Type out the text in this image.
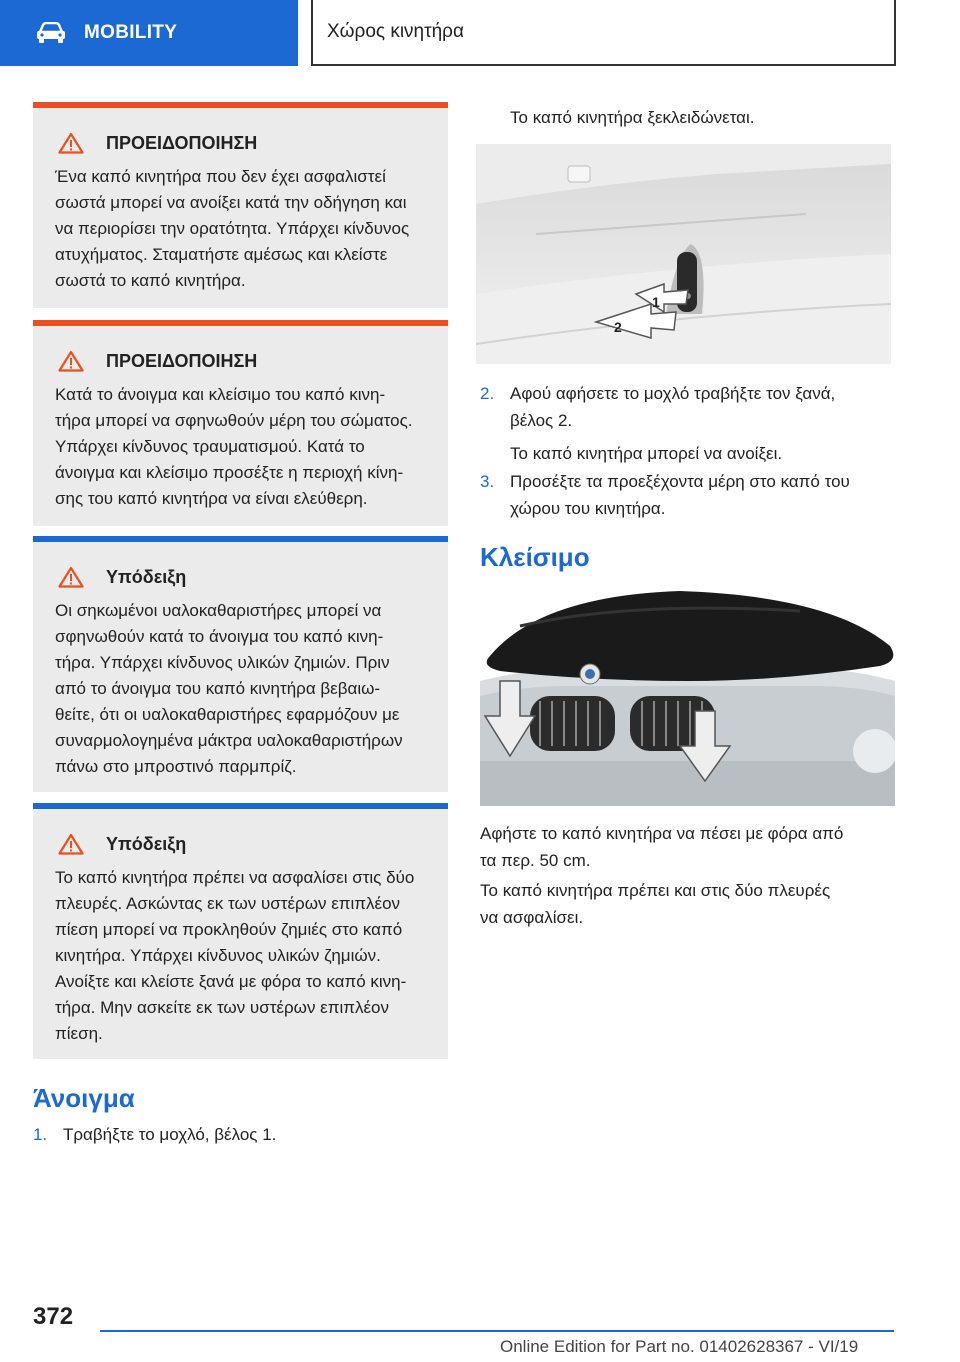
MOBILITY	Χώρος κινητήρα
ΠΡΟΕΙΔΟΠΟΙΗΣΗ
Ένα καπό κινητήρα που δεν έχει ασφαλιστεί
σωστά μπορεί να ανοίξει κατά την οδήγηση και
να περιορίσει την ορατότητα. Υπάρχει κίνδυνος
ατυχήματος. Σταματήστε αμέσως και κλείστε
σωστά το καπό κινητήρα.
ΠΡΟΕΙΔΟΠΟΙΗΣΗ
Κατά το άνοιγμα και κλείσιμο του καπό κινη-
τήρα μπορεί να σφηνωθούν μέρη του σώματος.
Υπάρχει κίνδυνος τραυματισμού. Κατά το
άνοιγμα και κλείσιμο προσέξτε η περιοχή κίνη-
σης του καπό κινητήρα να είναι ελεύθερη.
Υπόδειξη
Οι σηκωμένοι υαλοκαθαριστήρες μπορεί να
σφηνωθούν κατά το άνοιγμα του καπό κινη-
τήρα. Υπάρχει κίνδυνος υλικών ζημιών. Πριν
από το άνοιγμα του καπό κινητήρα βεβαιω-
θείτε, ότι οι υαλοκαθαριστήρες εφαρμόζουν με
συναρμολογημένα μάκτρα υαλοκαθαριστήρων
πάνω στο μπροστινό παρμπρίζ.
Υπόδειξη
Το καπό κινητήρα πρέπει να ασφαλίσει στις δύο
πλευρές. Ασκώντας εκ των υστέρων επιπλέον
πίεση μπορεί να προκληθούν ζημιές στο καπό
κινητήρα. Υπάρχει κίνδυνος υλικών ζημιών.
Ανοίξτε και κλείστε ξανά με φόρα το καπό κινη-
τήρα. Μην ασκείτε εκ των υστέρων επιπλέον
πίεση.
Άνοιγμα
1. Τραβήξτε το μοχλό, βέλος 1.
Το καπό κινητήρα ξεκλειδώνεται.
1
2
2. Αφού αφήσετε το μοχλό τραβήξτε τον ξανά,
βέλος 2.
Το καπό κινητήρα μπορεί να ανοίξει.
3. Προσέξτε τα προεξέχοντα μέρη στο καπό του
χώρου του κινητήρα.
Κλείσιμο
Αφήστε το καπό κινητήρα να πέσει με φόρα από
τα περ. 50 cm.
Το καπό κινητήρα πρέπει και στις δύο πλευρές
να ασφαλίσει.
372
Online Edition for Part no. 01402628367 - VI/19
